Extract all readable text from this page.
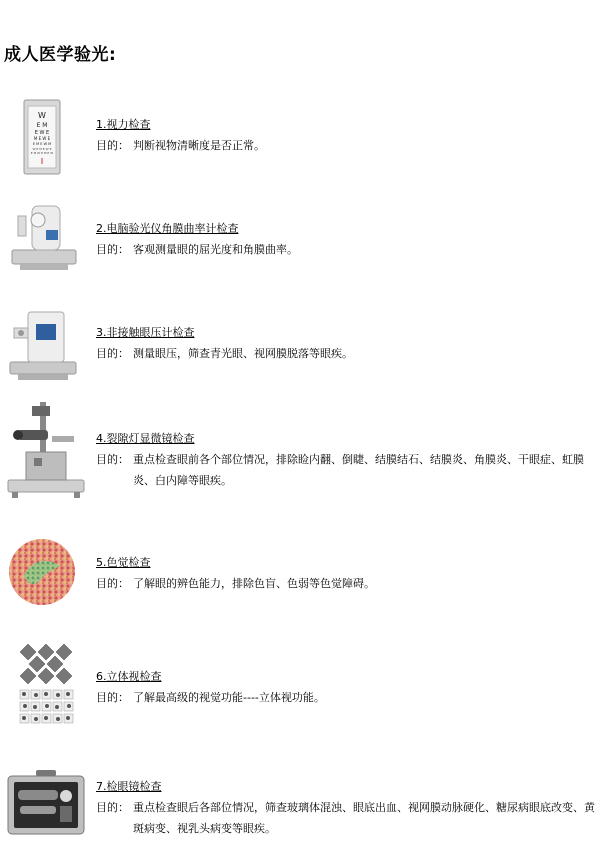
成人医学验光:
W
E M
E W E
M E W E
E M E W M
W E M E W E
E M W E M E W
1.视力检查
目的： 判断视物清晰度是否正常。
2.电脑验光仪角膜曲率计检查
目的： 客观测量眼的屈光度和角膜曲率。
3.非接触眼压计检查
目的： 测量眼压，筛查青光眼、视网膜脱落等眼疾。
4.裂隙灯显微镜检查
目的： 重点检查眼前各个部位情况，排除睑内翻、倒睫、结膜结石、结膜炎、角膜炎、干眼症、虹膜炎、白内障等眼疾。
5.色觉检查
目的： 了解眼的辨色能力，排除色盲、色弱等色觉障碍。
6.立体视检查
目的： 了解最高级的视觉功能----立体视功能。
7.检眼镜检查
目的： 重点检查眼后各部位情况，筛查玻璃体混浊、眼底出血、视网膜动脉硬化、糖尿病眼底改变、黄斑病变、视乳头病变等眼疾。
